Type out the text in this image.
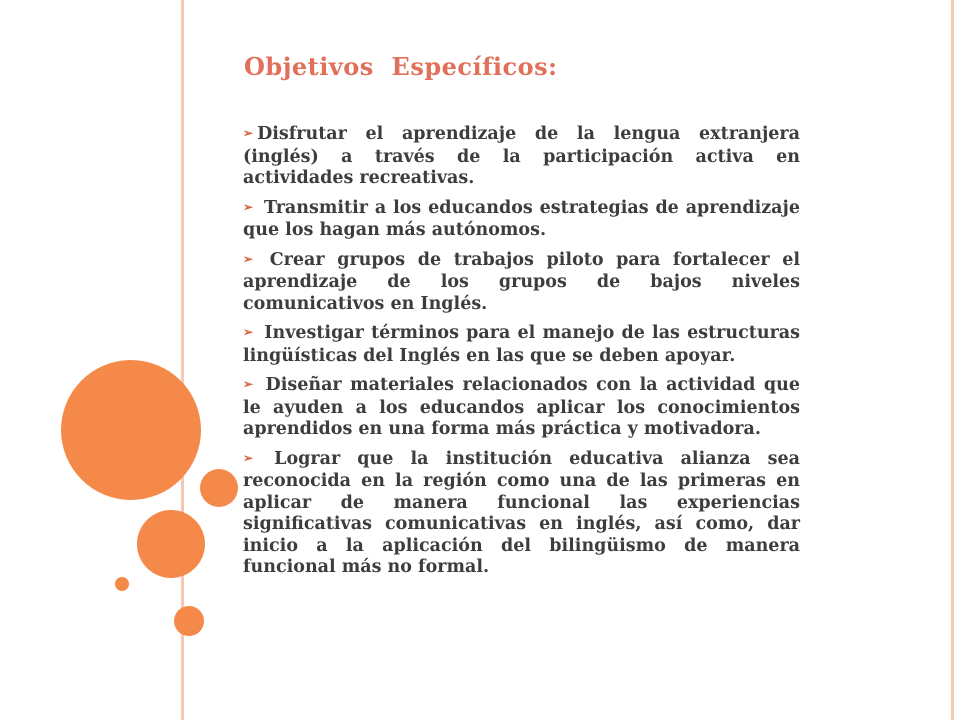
Objetivos  Específicos:
➢ Disfrutar el aprendizaje de la lengua extranjera (inglés) a través de la participación activa en actividades recreativas.
➢ Transmitir a los educandos estrategias de aprendizaje que los hagan más autónomos.
➢ Crear grupos de trabajos piloto para fortalecer el aprendizaje de los grupos de bajos niveles comunicativos en Inglés.
➢ Investigar términos para el manejo de las estructuras lingüísticas del Inglés en las que se deben apoyar.
➢ Diseñar materiales relacionados con la actividad que le ayuden a los educandos aplicar los conocimientos aprendidos en una forma más práctica y motivadora.
➢ Lograr que la institución educativa alianza sea reconocida en la región como una de las primeras en aplicar de manera funcional las experiencias significativas comunicativas en inglés, así como, dar inicio a la aplicación del bilingüismo de manera funcional más no formal.
